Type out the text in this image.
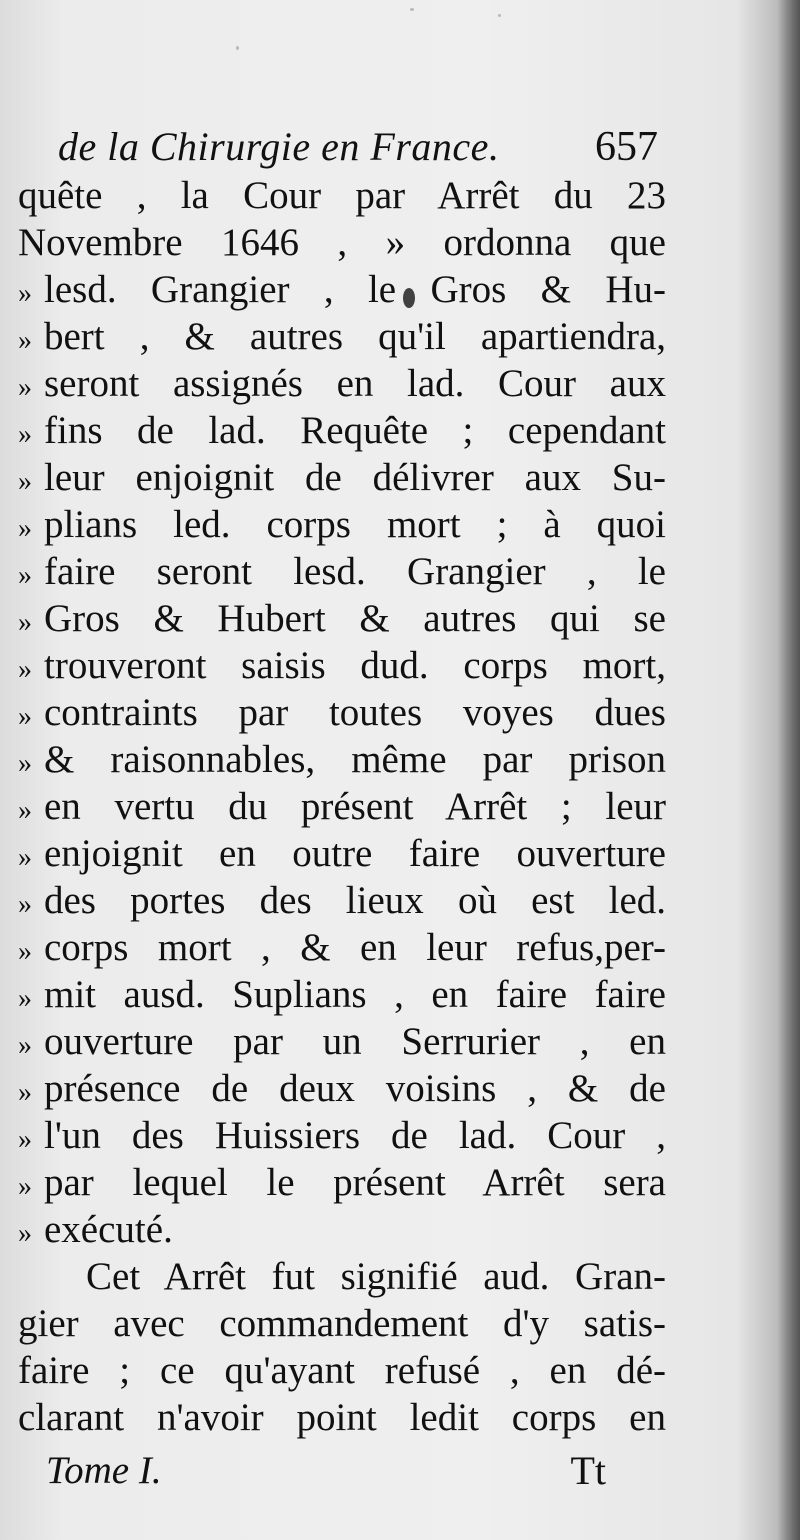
de la Chirurgie en France. 657
quête , la Cour par Arrêt du 23
Novembre 1646 , » ordonna que
» lesd. Grangier , le Gros & Hu-
» bert , & autres qu'il apartiendra,
» seront assignés en lad. Cour aux
» fins de lad. Requête ; cependant
» leur enjoignit de délivrer aux Su-
» plians led. corps mort ; à quoi
» faire seront lesd. Grangier , le
» Gros & Hubert & autres qui se
» trouveront saisis dud. corps mort,
» contraints par toutes voyes dues
» & raisonnables, même par prison
» en vertu du présent Arrêt ; leur
» enjoignit en outre faire ouverture
» des portes des lieux où est led.
» corps mort , & en leur refus,per-
» mit ausd. Suplians , en faire faire
» ouverture par un Serrurier , en
» présence de deux voisins , & de
» l'un des Huissiers de lad. Cour ,
» par lequel le présent Arrêt sera
» exécuté.
Cet Arrêt fut signifié aud. Gran-
gier avec commandement d'y satis-
faire ; ce qu'ayant refusé , en dé-
clarant n'avoir point ledit corps en
Tome I.	Tt
